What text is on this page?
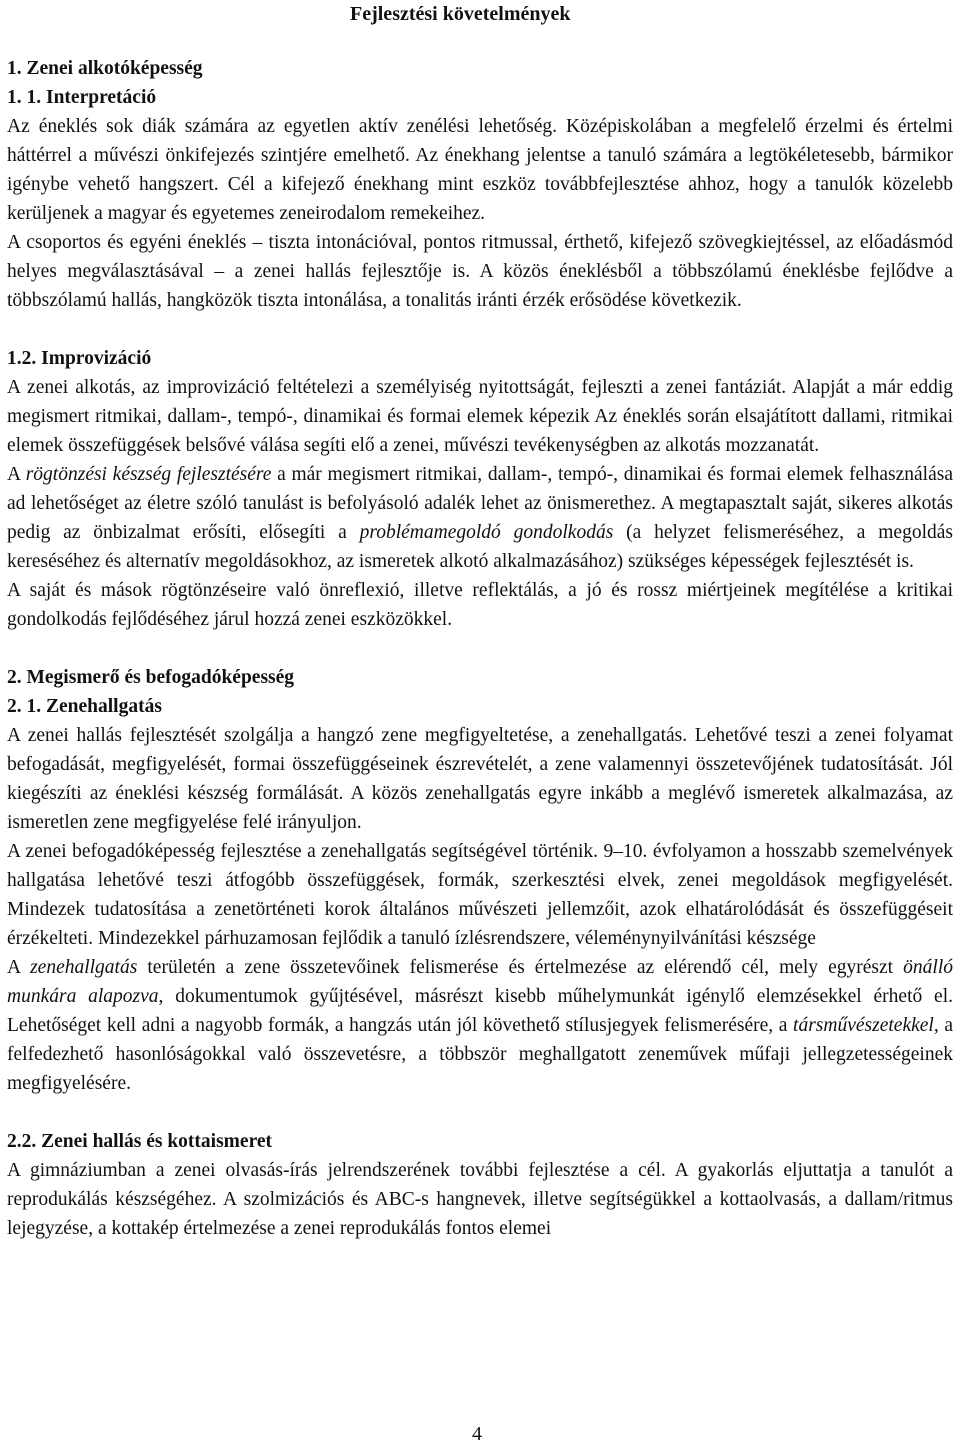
Fejlesztési követelmények
1. Zenei alkotóképesség
1. 1. Interpretáció
Az éneklés sok diák számára az egyetlen aktív zenélési lehetőség. Középiskolában a megfelelő érzelmi és értelmi háttérrel a művészi önkifejezés szintjére emelhető. Az énekhang jelentse a tanuló számára a legtökéletesebb, bármikor igénybe vehető hangszert. Cél a kifejező énekhang mint eszköz továbbfejlesztése ahhoz, hogy a tanulók közelebb kerüljenek a magyar és egyetemes zeneirodalom remekeihez.
A csoportos és egyéni éneklés – tiszta intonációval, pontos ritmussal, érthető, kifejező szövegkiejtéssel, az előadásmód helyes megválasztásával – a zenei hallás fejlesztője is. A közös éneklésből a többszólamú éneklésbe fejlődve a többszólamú hallás, hangközök tiszta intonálása, a tonalitás iránti érzék erősödése következik.
1.2. Improvizáció
A zenei alkotás, az improvizáció feltételezi a személyiség nyitottságát, fejleszti a zenei fantáziát. Alapját a már eddig megismert ritmikai, dallam-, tempó-, dinamikai és formai elemek képezik Az éneklés során elsajátított dallami, ritmikai elemek összefüggések belsővé válása segíti elő a zenei, művészi tevékenységben az alkotás mozzanatát.
A rögtönzési készség fejlesztésére a már megismert ritmikai, dallam-, tempó-, dinamikai és formai elemek felhasználása ad lehetőséget az életre szóló tanulást is befolyásoló adalék lehet az önismerethez. A megtapasztalt saját, sikeres alkotás pedig az önbizalmat erősíti, elősegíti a problémamegoldó gondolkodás (a helyzet felismeréséhez, a megoldás kereséséhez és alternatív megoldásokhoz, az ismeretek alkotó alkalmazásához) szükséges képességek fejlesztését is.
A saját és mások rögtönzéseire való önreflexió, illetve reflektálás, a jó és rossz miértjeinek megítélése a kritikai gondolkodás fejlődéséhez járul hozzá zenei eszközökkel.
2. Megismerő és befogadóképesség
2. 1. Zenehallgatás
A zenei hallás fejlesztését szolgálja a hangzó zene megfigyeltetése, a zenehallgatás. Lehetővé teszi a zenei folyamat befogadását, megfigyelését, formai összefüggéseinek észrevételét, a zene valamennyi összetevőjének tudatosítását. Jól kiegészíti az éneklési készség formálását. A közös zenehallgatás egyre inkább a meglévő ismeretek alkalmazása, az ismeretlen zene megfigyelése felé irányuljon.
A zenei befogadóképesség fejlesztése a zenehallgatás segítségével történik. 9–10. évfolyamon a hosszabb szemelvények hallgatása lehetővé teszi átfogóbb összefüggések, formák, szerkesztési elvek, zenei megoldások megfigyelését. Mindezek tudatosítása a zenetörténeti korok általános művészeti jellemzőit, azok elhatárolódását és összefüggéseit érzékelteti. Mindezekkel párhuzamosan fejlődik a tanuló ízlésrendszere, véleménynyilvánítási készsége
A zenehallgatás területén a zene összetevőinek felismerése és értelmezése az elérendő cél, mely egyrészt önálló munkára alapozva, dokumentumok gyűjtésével, másrészt kisebb műhelymunkát igénylő elemzésekkel érhető el. Lehetőséget kell adni a nagyobb formák, a hangzás után jól követhető stílusjegyek felismerésére, a társművészetekkel, a felfedezhető hasonlóságokkal való összevetésre, a többször meghallgatott zeneművek műfaji jellegzetességeinek megfigyelésére.
2.2. Zenei hallás és kottaismeret
A gimnáziumban a zenei olvasás-írás jelrendszerének további fejlesztése a cél. A gyakorlás eljuttatja a tanulót a reprodukálás készségéhez. A szolmizációs és ABC-s hangnevek, illetve segítségükkel a kottaolvasás, a dallam/ritmus lejegyzése, a kottakép értelmezése a zenei reprodukálás fontos elemei
4
